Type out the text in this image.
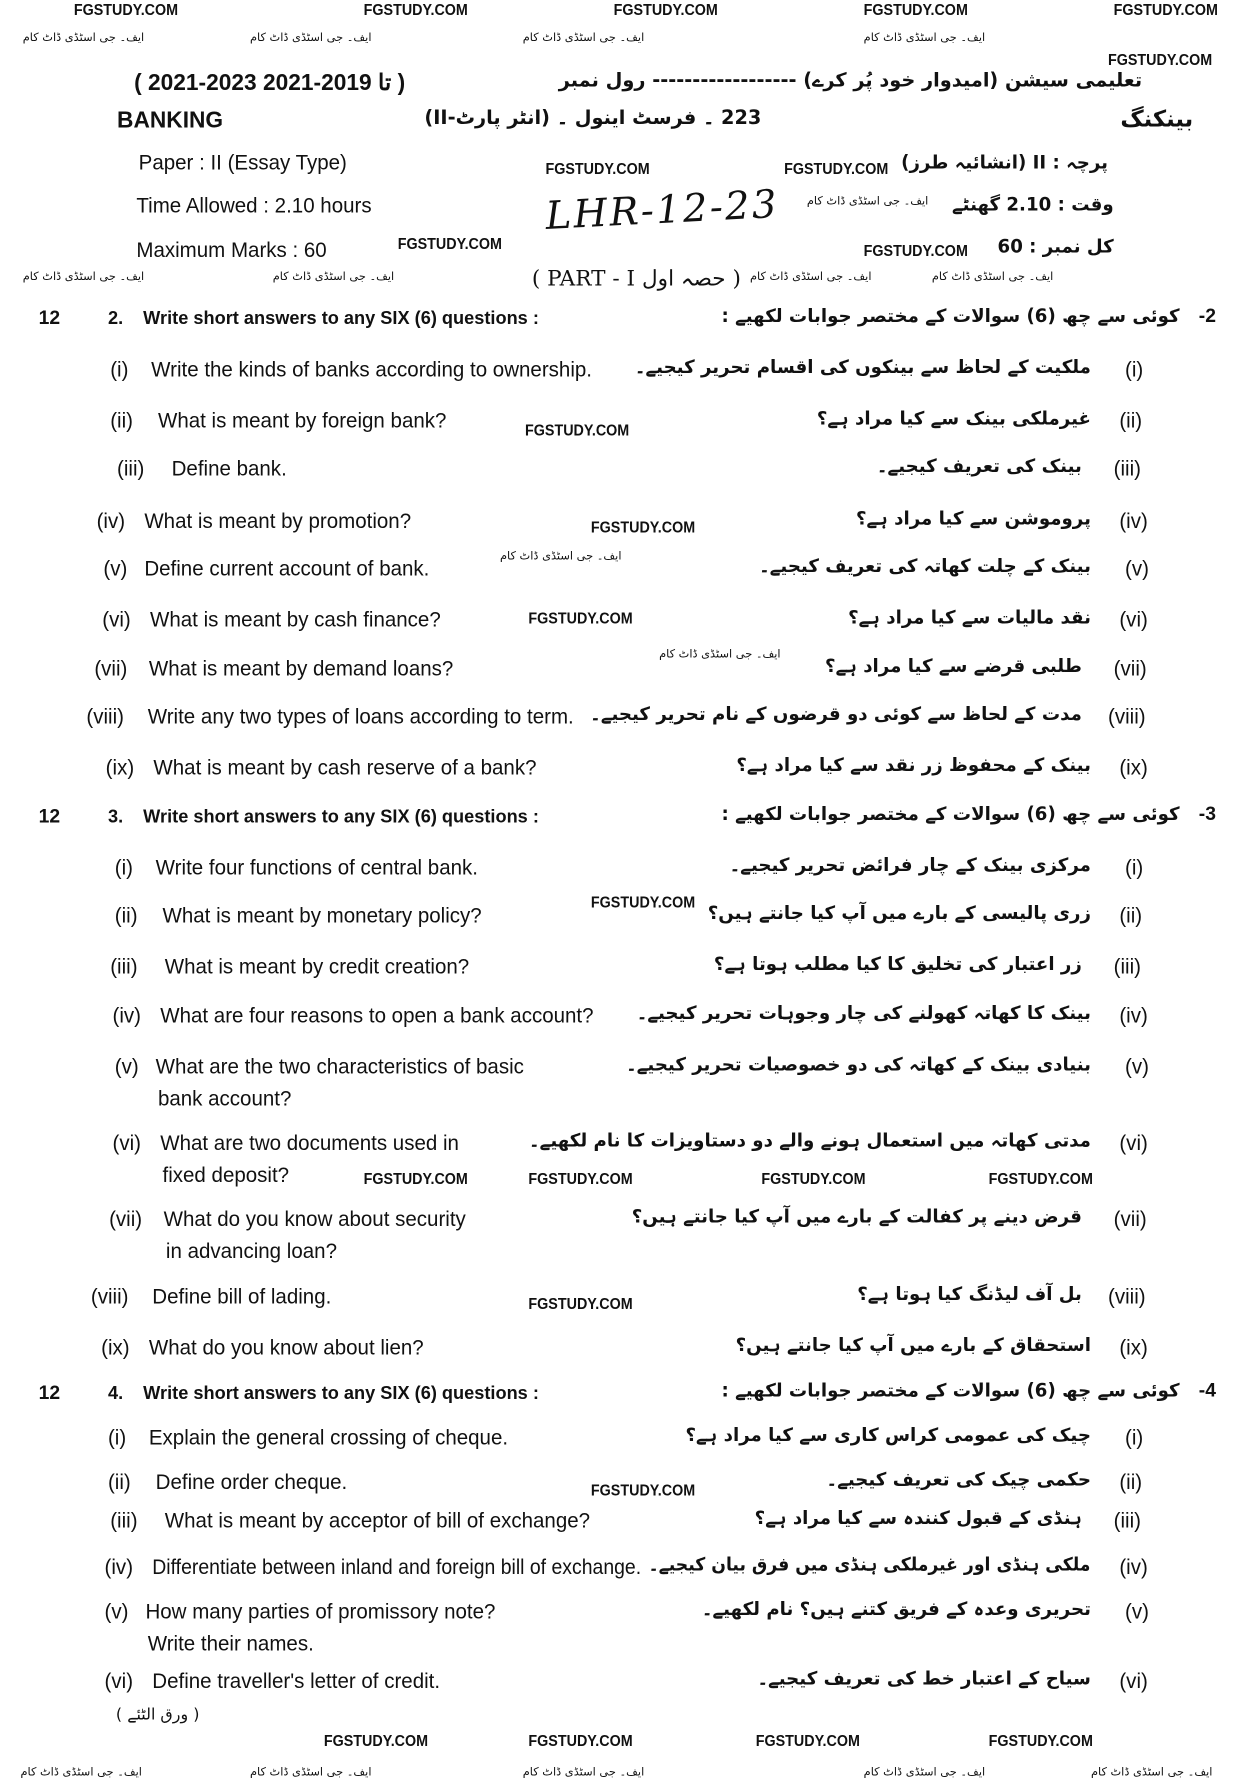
( 2021-2023 تا 2019-2021 )	تعلیمی سیشن (امیدوار خود پُر کرے) ------------------ رول نمبر
BANKING	223 ۔ فرسٹ اینول ۔ (انٹر پارٹ-II)	بینکنگ
Paper : II (Essay Type)	پرچہ : II (انشائیہ طرز)
Time Allowed : 2.10 hours	وقت : 2.10 گھنٹے
LHR-12-23
Maximum Marks : 60	کل نمبر : 60
( PART - I حصہ اول )
12	2. Write short answers to any SIX (6) questions :	کوئی سے چھ (6) سوالات کے مختصر جوابات لکھیے : -2
(i) Write the kinds of banks according to ownership.	ملکیت کے لحاظ سے بینکوں کی اقسام تحریر کیجیے۔ (i)
(ii) What is meant by foreign bank?	غیرملکی بینک سے کیا مراد ہے؟ (ii)
(iii) Define bank.	بینک کی تعریف کیجیے۔ (iii)
(iv) What is meant by promotion?	پروموشن سے کیا مراد ہے؟ (iv)
(v) Define current account of bank.	بینک کے چلت کھاتہ کی تعریف کیجیے۔ (v)
(vi) What is meant by cash finance?	نقد مالیات سے کیا مراد ہے؟ (vi)
(vii) What is meant by demand loans?	طلبی قرضے سے کیا مراد ہے؟ (vii)
(viii) Write any two types of loans according to term. مدت کے لحاظ سے کوئی دو قرضوں کے نام تحریر کیجیے۔ (viii)
(ix) What is meant by cash reserve of a bank?	بینک کے محفوظ زر نقد سے کیا مراد ہے؟ (ix)
12	3. Write short answers to any SIX (6) questions :	کوئی سے چھ (6) سوالات کے مختصر جوابات لکھیے : -3
(i) Write four functions of central bank.	مرکزی بینک کے چار فرائض تحریر کیجیے۔ (i)
(ii) What is meant by monetary policy?	زری پالیسی کے بارے میں آپ کیا جانتے ہیں؟ (ii)
(iii) What is meant by credit creation?	زر اعتبار کی تخلیق کا کیا مطلب ہوتا ہے؟ (iii)
(iv) What are four reasons to open a bank account?	بینک کا کھاتہ کھولنے کی چار وجوہات تحریر کیجیے۔ (iv)
(v) What are the two characteristics of basic
bank account?
بنیادی بینک کے کھاتہ کی دو خصوصیات تحریر کیجیے۔ (v)
(vi) What are two documents used in
fixed deposit?
مدتی کھاتہ میں استعمال ہونے والے دو دستاویزات کا نام لکھیے۔ (vi)
(vii) What do you know about security
in advancing loan?
قرض دینے پر کفالت کے بارے میں آپ کیا جانتے ہیں؟ (vii)
(viii) Define bill of lading.	بل آف لیڈنگ کیا ہوتا ہے؟ (viii)
(ix) What do you know about lien?	استحقاق کے بارے میں آپ کیا جانتے ہیں؟ (ix)
12	4. Write short answers to any SIX (6) questions :	کوئی سے چھ (6) سوالات کے مختصر جوابات لکھیے : -4
(i) Explain the general crossing of cheque.	چیک کی عمومی کراس کاری سے کیا مراد ہے؟ (i)
(ii) Define order cheque.	حکمی چیک کی تعریف کیجیے۔ (ii)
(iii) What is meant by acceptor of bill of exchange?	ہنڈی کے قبول کنندہ سے کیا مراد ہے؟ (iii)
(iv) Differentiate between inland and foreign bill of exchange. ملکی ہنڈی اور غیرملکی ہنڈی میں فرق بیان کیجیے۔ (iv)
(v) How many parties of promissory note?
Write their names.
تحریری وعدہ کے فریق کتنے ہیں؟ نام لکھیے۔ (v)
(vi) Define traveller's letter of credit.	سیاح کے اعتبار خط کی تعریف کیجیے۔ (vi)
( ورق الٹئے )
FGSTUDY.COM	FGSTUDY.COM	FGSTUDY.COM	FGSTUDY.COM	FGSTUDY.COM
FGSTUDY.COM
FGSTUDY.COM
FGSTUDY.COM	FGSTUDY.COM
FGSTUDY.COM
FGSTUDY.COM
FGSTUDY.COM
FGSTUDY.COM
FGSTUDY.COM
FGSTUDY.COM	FGSTUDY.COM	FGSTUDY.COM	FGSTUDY.COM
FGSTUDY.COM
FGSTUDY.COM
FGSTUDY.COM	FGSTUDY.COM	FGSTUDY.COM	FGSTUDY.COM
ایف۔ جی اسٹڈی ڈاٹ کام	ایف۔ جی اسٹڈی ڈاٹ کام	ایف۔ جی اسٹڈی ڈاٹ کام	ایف۔ جی اسٹڈی ڈاٹ کام
ایف۔ جی اسٹڈی ڈاٹ کام	ایف۔ جی اسٹڈی ڈاٹ کام	ایف۔ جی اسٹڈی ڈاٹ کام	ایف۔ جی اسٹڈی ڈاٹ کام
ایف۔ جی اسٹڈی ڈاٹ کام
ایف۔ جی اسٹڈی ڈاٹ کام
ایف۔ جی اسٹڈی ڈاٹ کام
ایف۔ جی اسٹڈی ڈاٹ کام	ایف۔ جی اسٹڈی ڈاٹ کام	ایف۔ جی اسٹڈی ڈاٹ کام	ایف۔ جی اسٹڈی ڈاٹ کام	ایف۔ جی اسٹڈی ڈاٹ کام
